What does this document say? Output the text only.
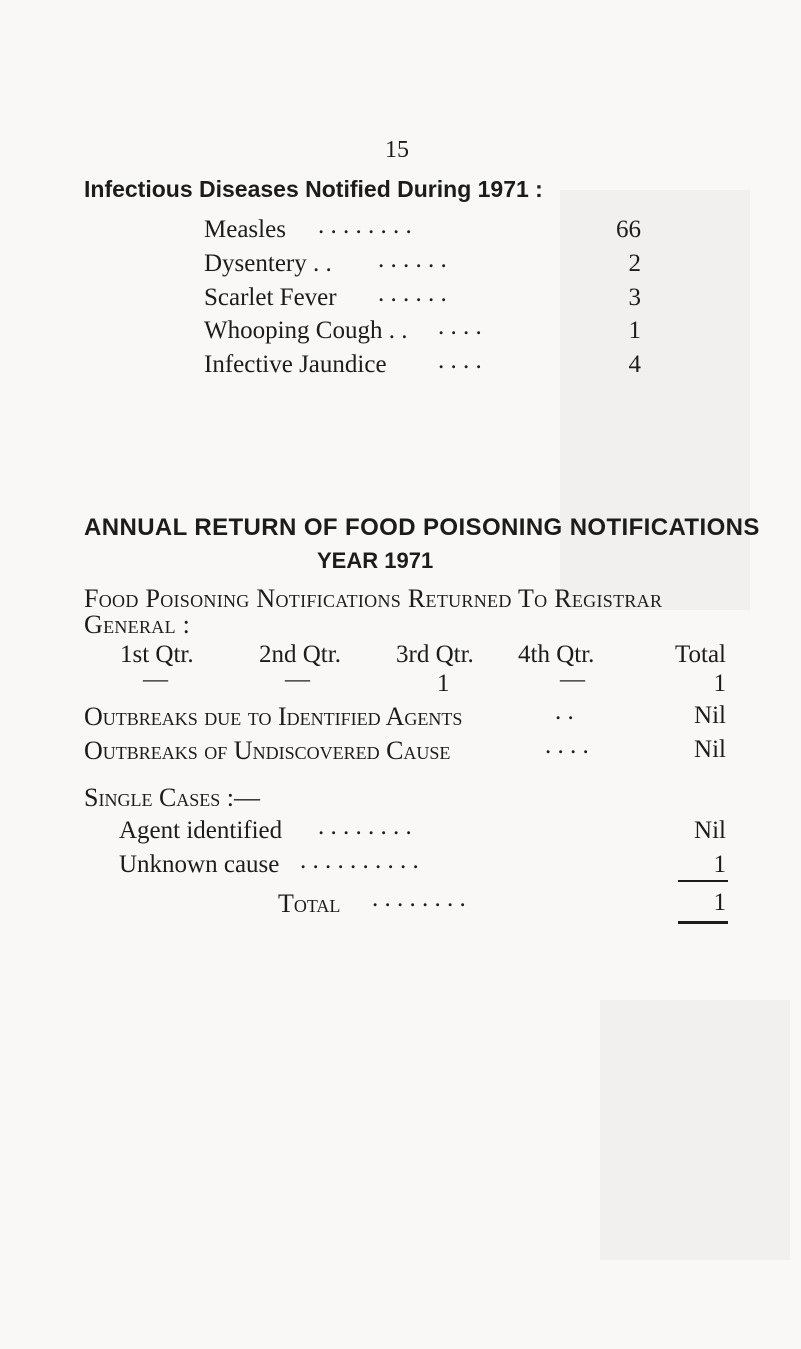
15
Infectious Diseases Notified During 1971 :
Measles . . . . . . . .	66
Dysentery . . . . . . . .	2
Scarlet Fever . . . . . .	3
Whooping Cough . . . . . .	1
Infective Jaundice . . . .	4
ANNUAL RETURN OF FOOD POISONING NOTIFICATIONS
YEAR 1971
Food Poisoning Notifications Returned To Registrar
General :
1st Qtr.	2nd Qtr. 3rd Qtr. 4th Qtr.	Total
—	—	1	—	1
Outbreaks due to Identified Agents	. .	Nil
Outbreaks of Undiscovered Cause	. . . .	Nil
Single Cases :—
Agent identified . . . . . . . .	Nil
Unknown cause . . . . . . . . . .	1
Total . . . . . . . .	1
